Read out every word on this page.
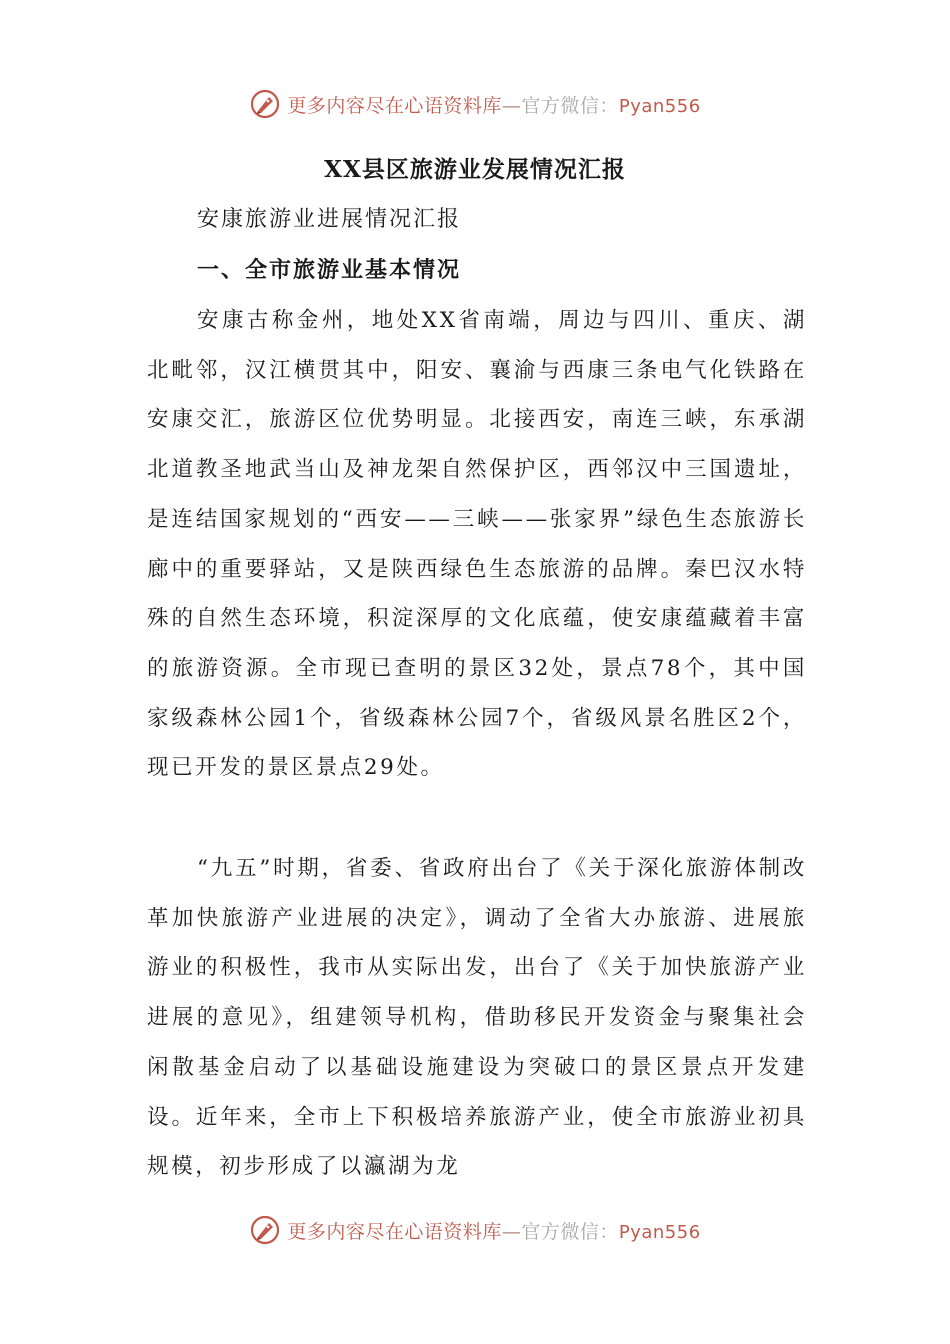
更多内容尽在心语资料库—官方微信：Pyan556
XX县区旅游业发展情况汇报
安康旅游业进展情况汇报
一、全市旅游业基本情况

安康古称金州，地处XX省南端，周边与四川、重庆、湖北毗邻，汉江横贯其中，阳安、襄渝与西康三条电气化铁路在安康交汇，旅游区位优势明显。北接西安，南连三峡，东承湖北道教圣地武当山及神龙架自然保护区，西邻汉中三国遗址，是连结国家规划的“西安——三峡——张家界”绿色生态旅游长廊中的重要驿站，又是陕西绿色生态旅游的品牌。秦巴汉水特殊的自然生态环境，积淀深厚的文化底蕴，使安康蕴藏着丰富的旅游资源。全市现已查明的景区32处，景点78个，其中国家级森林公园1个，省级森林公园7个，省级风景名胜区2个，现已开发的景区景点29处。

“九五”时期，省委、省政府出台了《关于深化旅游体制改革加快旅游产业进展的决定》，调动了全省大办旅游、进展旅游业的积极性，我市从实际出发，出台了《关于加快旅游产业进展的意见》，组建领导机构，借助移民开发资金与聚集社会闲散基金启动了以基础设施建设为突破口的景区景点开发建设。近年来，全市上下积极培养旅游产业，使全市旅游业初具规模，初步形成了以瀛湖为龙

更多内容尽在心语资料库—官方微信：Pyan556
